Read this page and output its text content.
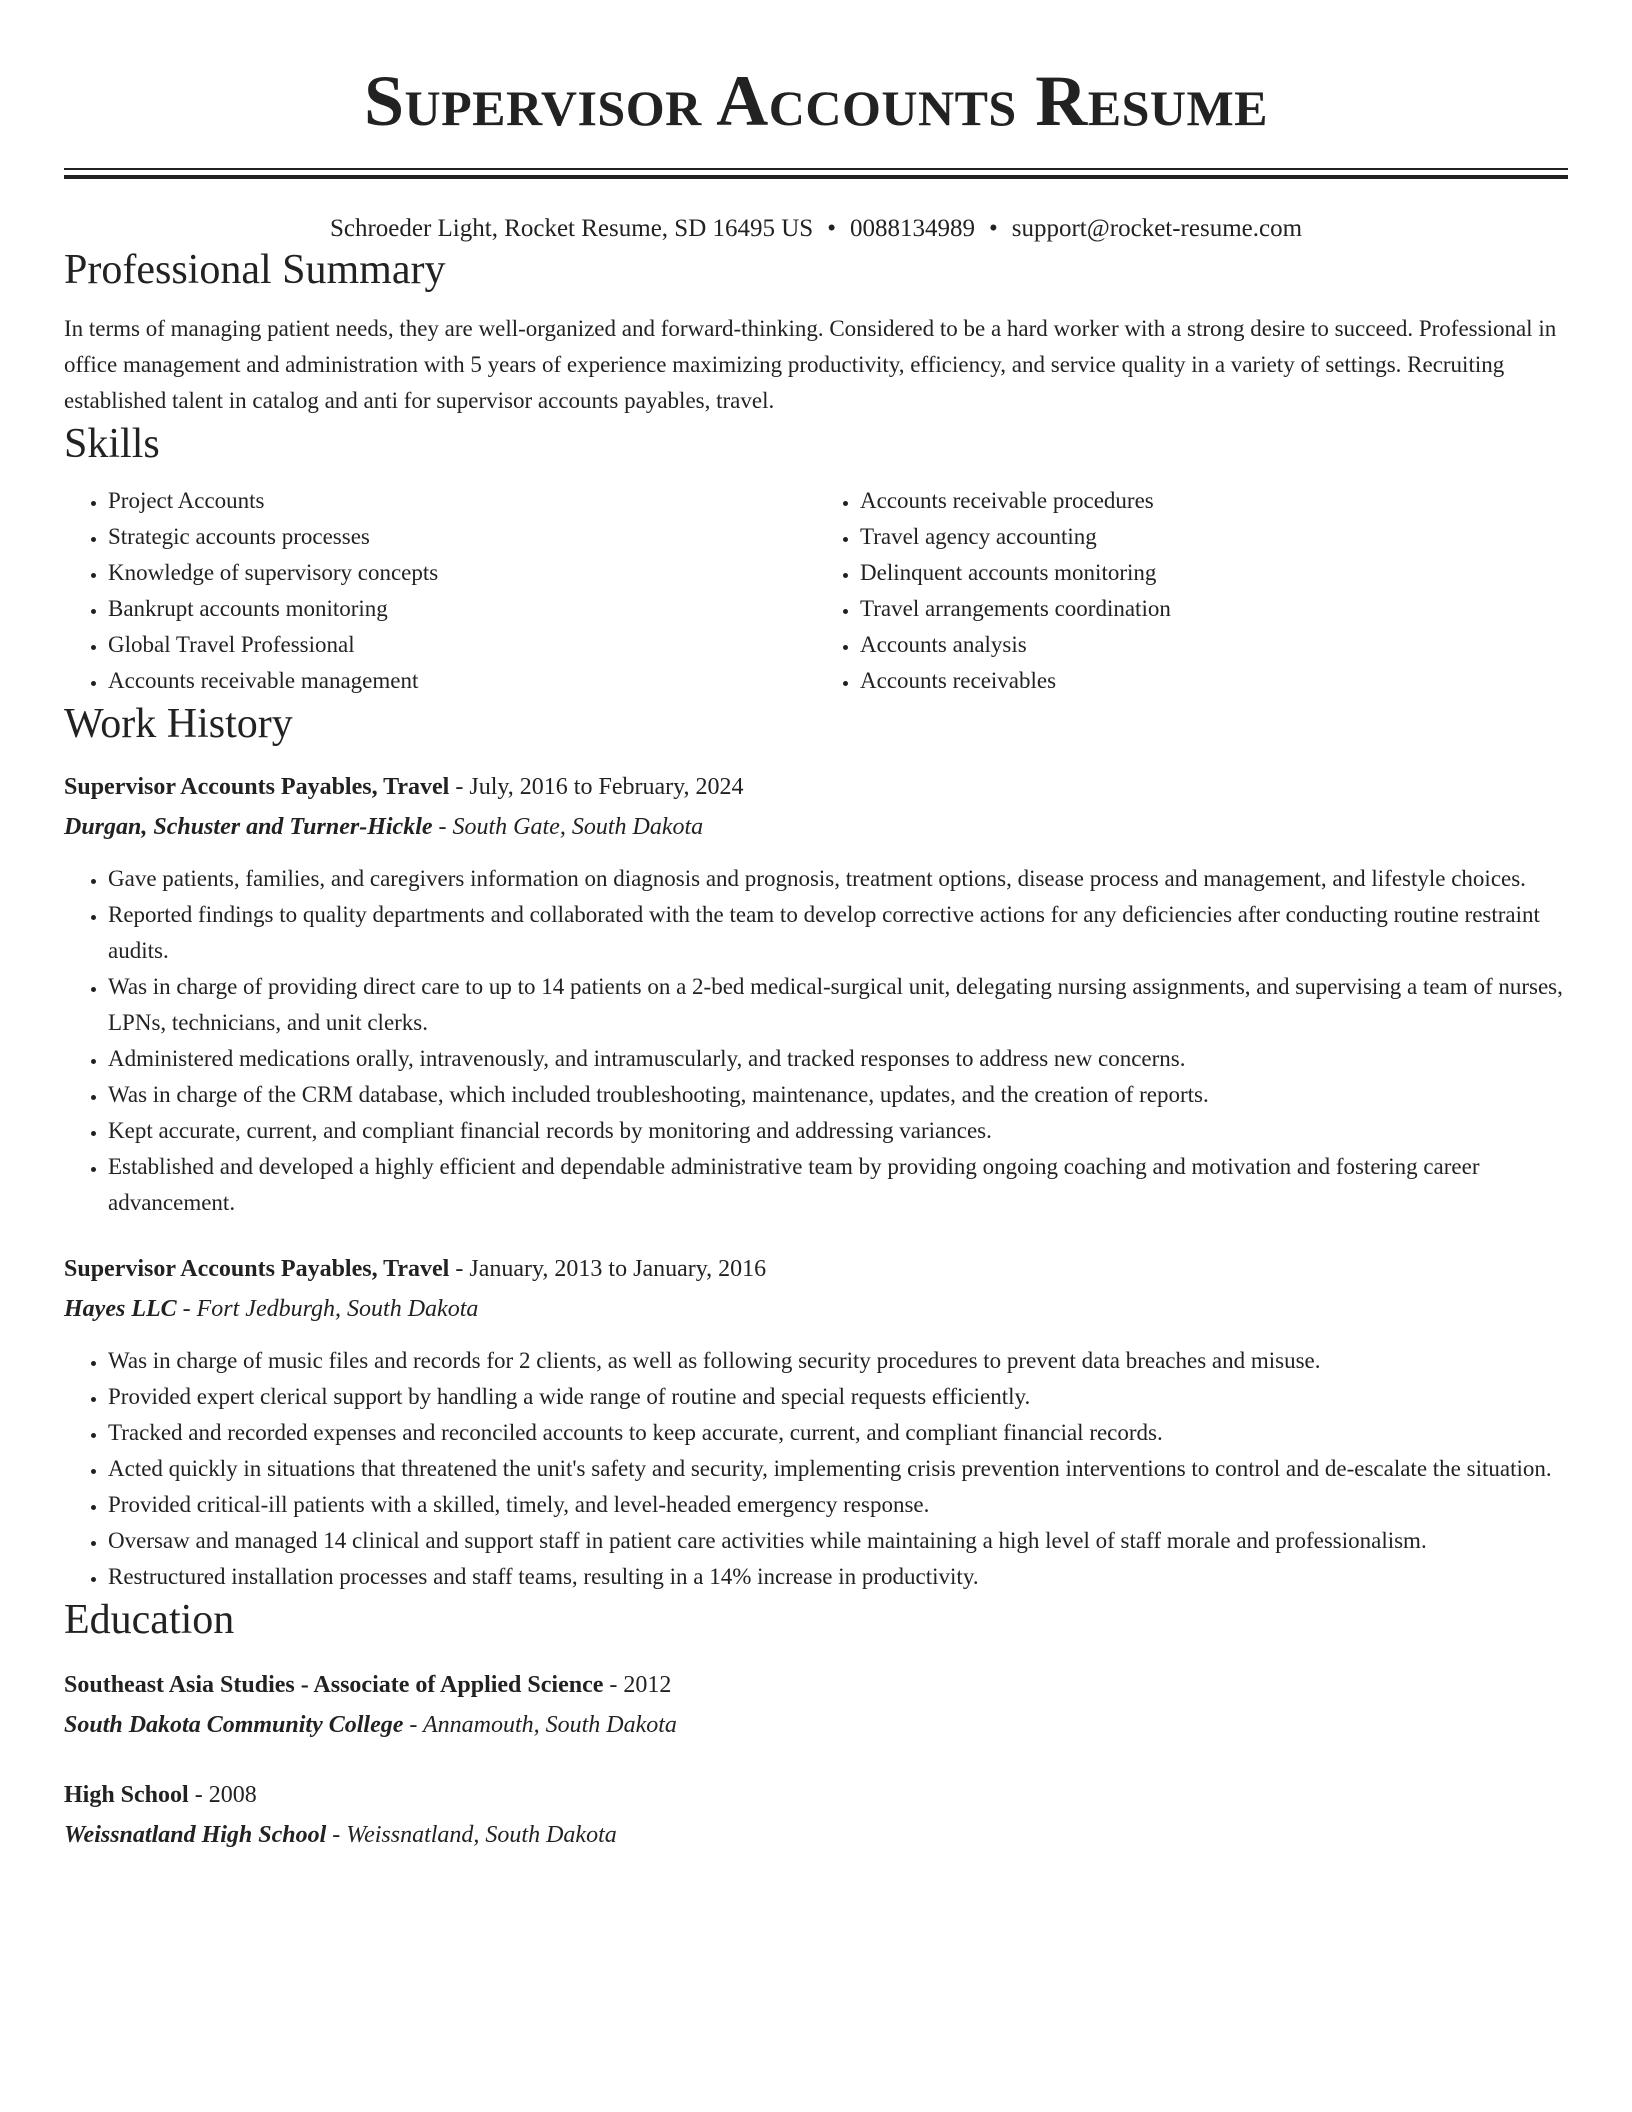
Supervisor Accounts Resume
Schroeder Light, Rocket Resume, SD 16495 US • 0088134989 • support@rocket-resume.com
Professional Summary

In terms of managing patient needs, they are well-organized and forward-thinking. Considered to be a hard worker with a strong desire to succeed. Professional in office management and administration with 5 years of experience maximizing productivity, efficiency, and service quality in a variety of settings. Recruiting established talent in catalog and anti for supervisor accounts payables, travel.

Skills
• Project Accounts
• Strategic accounts processes
• Knowledge of supervisory concepts
• Bankrupt accounts monitoring
• Global Travel Professional
• Accounts receivable management
• Accounts receivable procedures
• Travel agency accounting
• Delinquent accounts monitoring
• Travel arrangements coordination
• Accounts analysis
• Accounts receivables
Work History
Supervisor Accounts Payables, Travel - July, 2016 to February, 2024
Durgan, Schuster and Turner-Hickle - South Gate, South Dakota
• Gave patients, families, and caregivers information on diagnosis and prognosis, treatment options, disease process and management, and lifestyle choices.
• Reported findings to quality departments and collaborated with the team to develop corrective actions for any deficiencies after conducting routine restraint audits.
• Was in charge of providing direct care to up to 14 patients on a 2-bed medical-surgical unit, delegating nursing assignments, and supervising a team of nurses, LPNs, technicians, and unit clerks.
• Administered medications orally, intravenously, and intramuscularly, and tracked responses to address new concerns.
• Was in charge of the CRM database, which included troubleshooting, maintenance, updates, and the creation of reports.
• Kept accurate, current, and compliant financial records by monitoring and addressing variances.
• Established and developed a highly efficient and dependable administrative team by providing ongoing coaching and motivation and fostering career advancement.
Supervisor Accounts Payables, Travel - January, 2013 to January, 2016
Hayes LLC - Fort Jedburgh, South Dakota
• Was in charge of music files and records for 2 clients, as well as following security procedures to prevent data breaches and misuse.
• Provided expert clerical support by handling a wide range of routine and special requests efficiently.
• Tracked and recorded expenses and reconciled accounts to keep accurate, current, and compliant financial records.
• Acted quickly in situations that threatened the unit's safety and security, implementing crisis prevention interventions to control and de-escalate the situation.
• Provided critical-ill patients with a skilled, timely, and level-headed emergency response.
• Oversaw and managed 14 clinical and support staff in patient care activities while maintaining a high level of staff morale and professionalism.
• Restructured installation processes and staff teams, resulting in a 14% increase in productivity.
Education
Southeast Asia Studies - Associate of Applied Science - 2012
South Dakota Community College - Annamouth, South Dakota
High School - 2008
Weissnatland High School - Weissnatland, South Dakota
